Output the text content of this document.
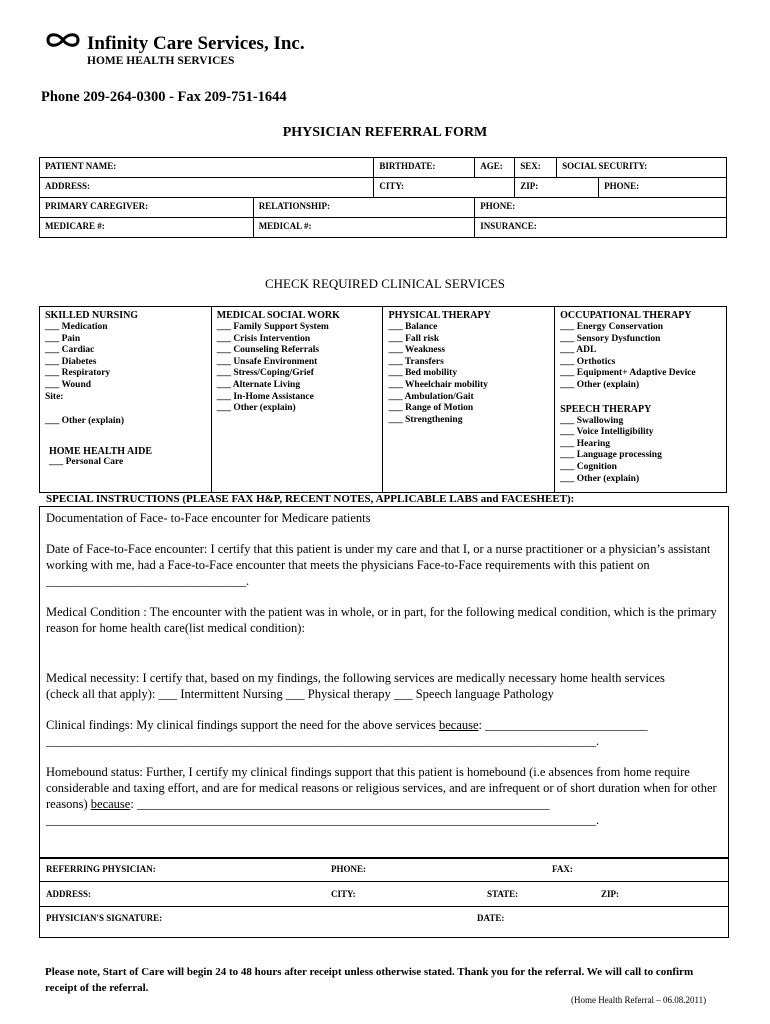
Infinity Care Services, Inc.
HOME HEALTH SERVICES
Phone 209-264-0300 - Fax 209-751-1644
PHYSICIAN REFERRAL FORM
PATIENT NAME:		BIRTHDATE:	AGE:	SEX:	SOCIAL SECURITY:	
ADDRESS:		CITY:		ZIP:		PHONE:
PRIMARY CAREGIVER:	RELATIONSHIP:		PHONE:			
MEDICARE #:	MEDICAL #:		INSURANCE:			
CHECK REQUIRED CLINICAL SERVICES
SKILLED NURSING
___ Medication
___ Pain
___ Cardiac
___ Diabetes
___ Respiratory
___ Wound
Site:
___ Other (explain)
HOME HEALTH AIDE
___ Personal Care

MEDICAL SOCIAL WORK
___ Family Support System
___ Crisis Intervention
___ Counseling Referrals
___ Unsafe Environment
___ Stress/Coping/Grief
___ Alternate Living
___ In-Home Assistance
___ Other (explain)

PHYSICAL THERAPY
___ Balance
___ Fall risk
___ Weakness
___ Transfers
___ Bed mobility
___ Wheelchair mobility
___ Ambulation/Gait
___ Range of Motion
___ Strengthening

OCCUPATIONAL THERAPY
___ Energy Conservation
___ Sensory Dysfunction
___ ADL
___ Orthotics
___ Equipment+ Adaptive Device
___ Other (explain)
SPEECH THERAPY
___ Swallowing
___ Voice Intelligibility
___ Hearing
___ Language processing
___ Cognition
___ Other (explain)
SPECIAL INSTRUCTIONS (PLEASE FAX H&P, RECENT NOTES, APPLICABLE LABS and FACESHEET):

Documentation of Face- to-Face encounter for Medicare patients

Date of Face-to-Face encounter: I certify that this patient is under my care and that I, or a nurse practitioner or a physician’s assistant working with me, had a Face-to-Face encounter that meets the physicians Face-to-Face requirements with this patient on ________________________________.

Medical Condition : The encounter with the patient was in whole, or in part, for the following medical condition, which is the primary reason for home health care(list medical condition):

Medical necessity: I certify that, based on my findings, the following services are medically necessary home health services

(check all that apply): ___ Intermittent Nursing ___ Physical therapy ___ Speech language Pathology

Clinical findings: My clinical findings support the need for the above services because: __________________________

________________________________________________________________________________________.

Homebound status: Further, I certify my clinical findings support that this patient is homebound (i.e absences from home require considerable and taxing effort, and are for medical reasons or religious services, and are infrequent or of short duration when for other reasons) because: __________________________________________________________________

________________________________________________________________________________________.

REFERRING PHYSICIAN:	PHONE:	FAX:
ADDRESS:	CITY:	STATE:	ZIP:
PHYSICIAN'S SIGNATURE:	DATE:
Please note, Start of Care will begin 24 to 48 hours after receipt unless otherwise stated. Thank you for the referral. We will call to confirm receipt of the referral.
(Home Health Referral – 06.08.2011)
